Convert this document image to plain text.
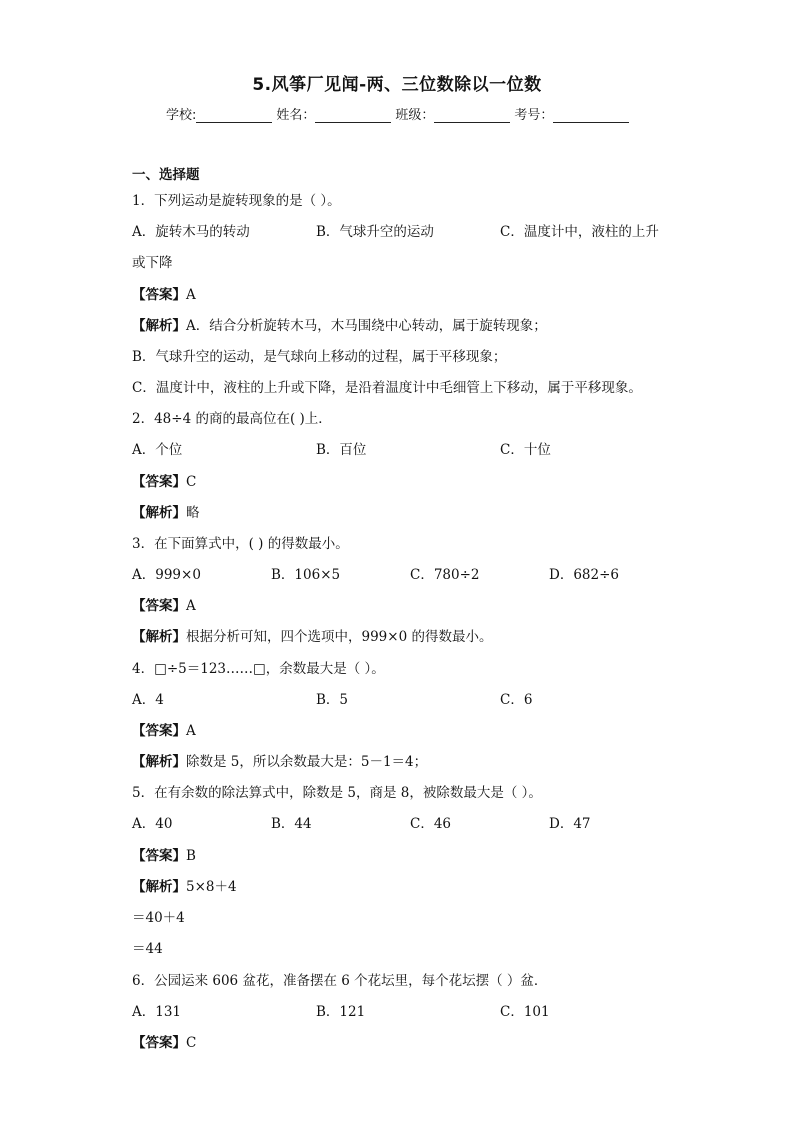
5.风筝厂见闻-两、三位数除以一位数
学校:	姓名：	班级：	考号：
一、选择题
1．下列运动是旋转现象的是（ ）。
A．旋转木马的转动	B．气球升空的运动	C．温度计中，液柱的上升
或下降
【答案】A
【解析】A．结合分析旋转木马，木马围绕中心转动，属于旋转现象；
B．气球升空的运动，是气球向上移动的过程，属于平移现象；
C．温度计中，液柱的上升或下降，是沿着温度计中毛细管上下移动，属于平移现象。
2．48÷4 的商的最高位在( )上．
A．个位	B．百位	C．十位
【答案】C
【解析】略
3．在下面算式中，( ) 的得数最小。
A．999×0	B．106×5	C．780÷2	D．682÷6
【答案】A
【解析】根据分析可知，四个选项中，999×0 的得数最小。
4．□÷5＝123……□，余数最大是（ ）。
A．4	B．5	C．6
【答案】A
【解析】除数是 5，所以余数最大是：5－1＝4；
5．在有余数的除法算式中，除数是 5，商是 8，被除数最大是（ ）。
A．40	B．44	C．46	D．47
【答案】B
【解析】5×8＋4
＝40＋4
＝44
6．公园运来 606 盆花，准备摆在 6 个花坛里，每个花坛摆（ ）盆．
A．131	B．121	C．101
【答案】C
